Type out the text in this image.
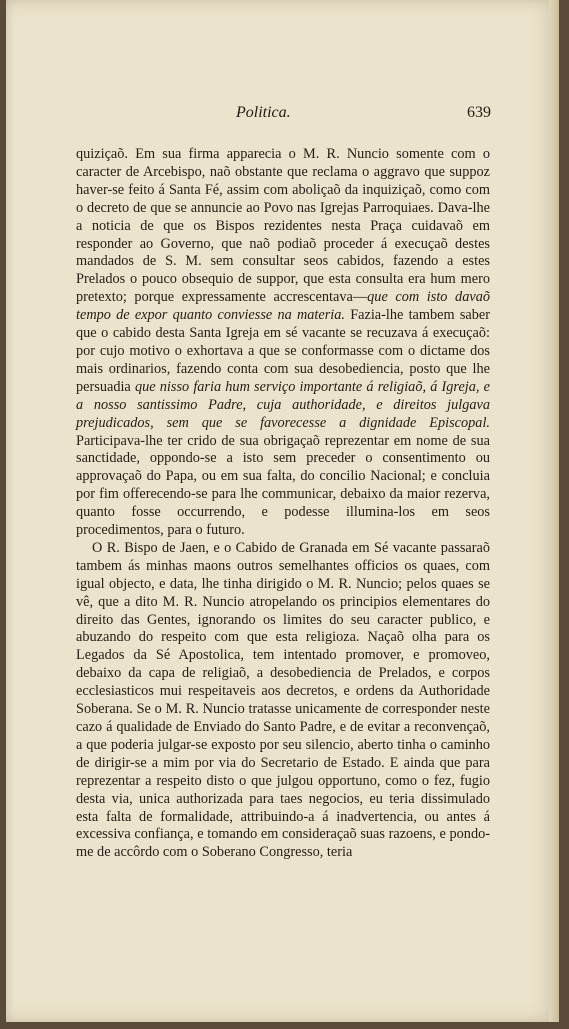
Politica.	639

quiziçaõ. Em sua firma apparecia o M. R. Nuncio somente com o caracter de Arcebispo, naõ obstante que reclama o aggravo que suppoz haver-se feito á Santa Fé, assim com aboliçaõ da inquiziçaõ, como com o decreto de que se annuncie ao Povo nas Igrejas Parroquiaes. Dava-lhe a noticia de que os Bispos rezidentes nesta Praça cuidavaõ em responder ao Governo, que naõ podiaõ proceder á execuçaõ destes mandados de S. M. sem consultar seos cabidos, fazendo a estes Prelados o pouco obsequio de suppor, que esta consulta era hum mero pretexto; porque expressamente accrescentava—que com isto davaõ tempo de expor quanto conviesse na materia. Fazia-lhe tambem saber que o cabido desta Santa Igreja em sé vacante se recuzava á execuçaõ: por cujo motivo o exhortava a que se conformasse com o dictame dos mais ordinarios, fazendo conta com sua desobediencia, posto que lhe persuadia que nisso faria hum serviço importante á religiaõ, á Igreja, e a nosso santissimo Padre, cuja authoridade, e direitos julgava prejudicados, sem que se favorecesse a dignidade Episcopal. Participava-lhe ter crido de sua obrigaçaõ reprezentar em nome de sua sanctidade, oppondo-se a isto sem preceder o consentimento ou approvaçaõ do Papa, ou em sua falta, do concilio Nacional; e concluia por fim offerecendo-se para lhe communicar, debaixo da maior rezerva, quanto fosse occurrendo, e podesse illumina-los em seos procedimentos, para o futuro.

O R. Bispo de Jaen, e o Cabido de Granada em Sé vacante passaraõ tambem ás minhas maons outros semelhantes officios os quaes, com igual objecto, e data, lhe tinha dirigido o M. R. Nuncio; pelos quaes se vê, que a dito M. R. Nuncio atropelando os principios elementares do direito das Gentes, ignorando os limites do seu caracter publico, e abuzando do respeito com que esta religioza. Naçaõ olha para os Legados da Sé Apostolica, tem intentado promover, e promoveo, debaixo da capa de religiaõ, a desobediencia de Prelados, e corpos ecclesiasticos mui respeitaveis aos decretos, e ordens da Authoridade Soberana. Se o M. R. Nuncio tratasse unicamente de corresponder neste cazo á qualidade de Enviado do Santo Padre, e de evitar a reconvençaõ, a que poderia julgar-se exposto por seu silencio, aberto tinha o caminho de dirigir-se a mim por via do Secretario de Estado. E ainda que para reprezentar a respeito disto o que julgou opportuno, como o fez, fugio desta via, unica authorizada para taes negocios, eu teria dissimulado esta falta de formalidade, attribuindo-a á inadvertencia, ou antes á excessiva confiança, e tomando em consideraçaõ suas razoens, e pondo-me de accôrdo com o Soberano Congresso, teria
